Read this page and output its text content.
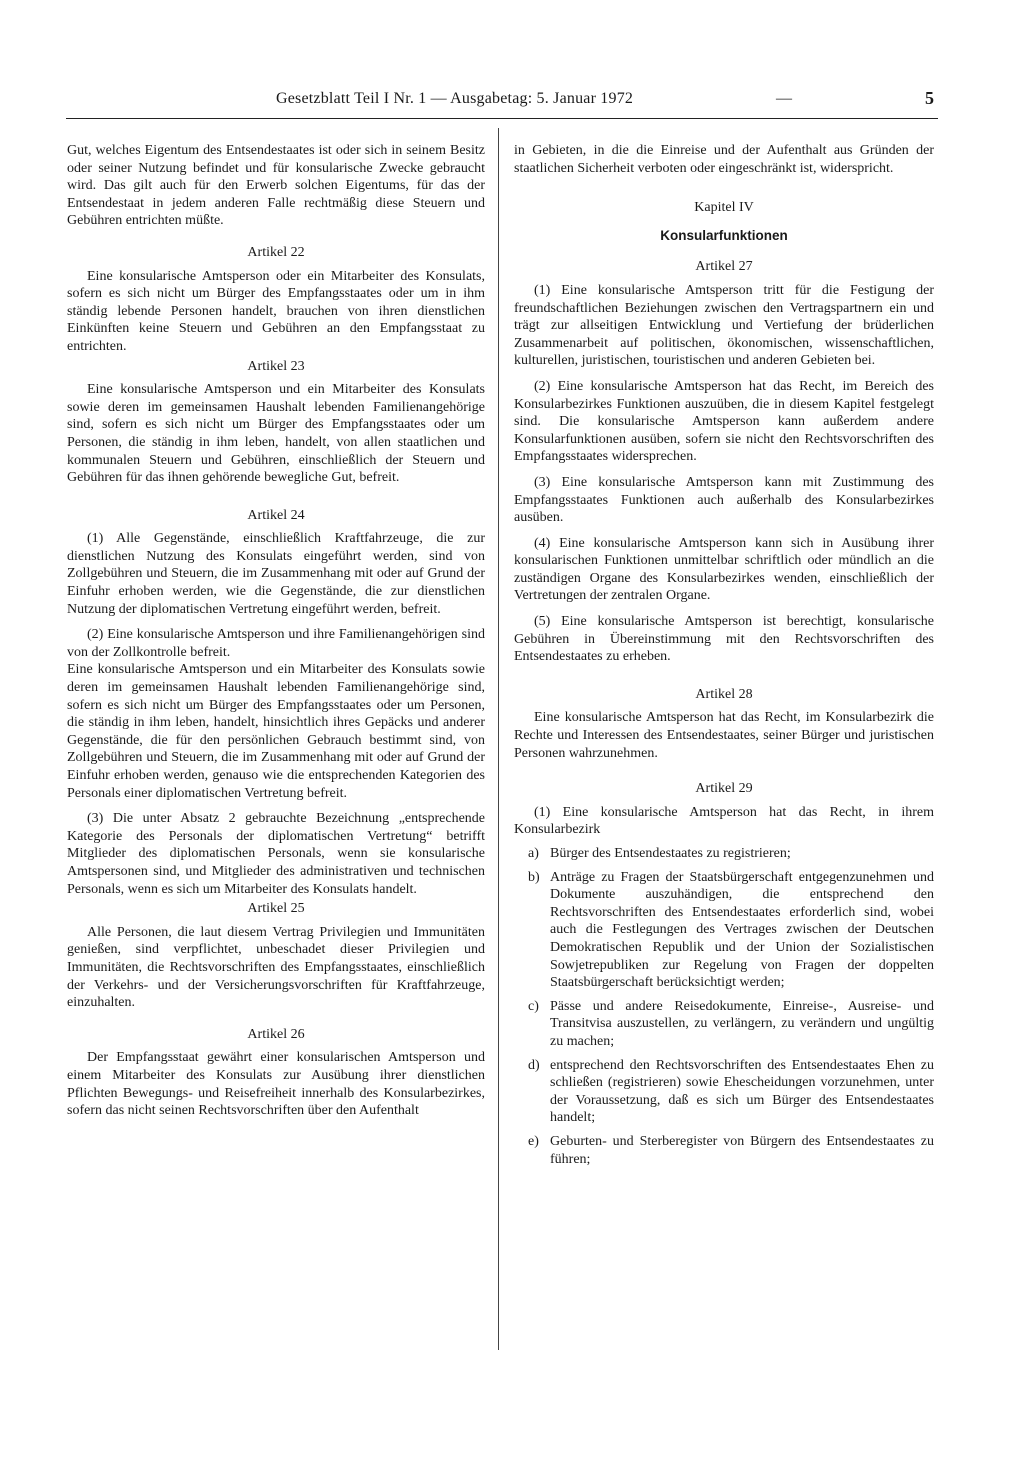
Gesetzblatt Teil I Nr. 1 — Ausgabetag: 5. Januar 1972	—	5

Gut, welches Eigentum des Entsendestaates ist oder sich in seinem Besitz oder seiner Nutzung befindet und für konsularische Zwecke gebraucht wird. Das gilt auch für den Erwerb solchen Eigentums, für das der Entsendestaat in jedem anderen Falle rechtmäßig diese Steuern und Gebühren entrichten müßte.

Artikel 22

Eine konsularische Amtsperson oder ein Mitarbeiter des Konsulats, sofern es sich nicht um Bürger des Empfangsstaates oder um in ihm ständig lebende Personen handelt, brauchen von ihren dienstlichen Einkünften keine Steuern und Gebühren an den Empfangsstaat zu entrichten.

Artikel 23

Eine konsularische Amtsperson und ein Mitarbeiter des Konsulats sowie deren im gemeinsamen Haushalt lebenden Familienangehörige sind, sofern es sich nicht um Bürger des Empfangsstaates oder um Personen, die ständig in ihm leben, handelt, von allen staatlichen und kommunalen Steuern und Gebühren, einschließlich der Steuern und Gebühren für das ihnen gehörende bewegliche Gut, befreit.

Artikel 24

(1) Alle Gegenstände, einschließlich Kraftfahrzeuge, die zur dienstlichen Nutzung des Konsulats eingeführt werden, sind von Zollgebühren und Steuern, die im Zusammenhang mit oder auf Grund der Einfuhr erhoben werden, wie die Gegenstände, die zur dienstlichen Nutzung der diplomatischen Vertretung eingeführt werden, befreit.

(2) Eine konsularische Amtsperson und ihre Familienangehörigen sind von der Zollkontrolle befreit.

Eine konsularische Amtsperson und ein Mitarbeiter des Konsulats sowie deren im gemeinsamen Haushalt lebenden Familienangehörige sind, sofern es sich nicht um Bürger des Empfangsstaates oder um Personen, die ständig in ihm leben, handelt, hinsichtlich ihres Gepäcks und anderer Gegenstände, die für den persönlichen Gebrauch bestimmt sind, von Zollgebühren und Steuern, die im Zusammenhang mit oder auf Grund der Einfuhr erhoben werden, genauso wie die entsprechenden Kategorien des Personals einer diplomatischen Vertretung befreit.

(3) Die unter Absatz 2 gebrauchte Bezeichnung „entsprechende Kategorie des Personals der diplomatischen Vertretung“ betrifft Mitglieder des diplomatischen Personals, wenn sie konsularische Amtspersonen sind, und Mitglieder des administrativen und technischen Personals, wenn es sich um Mitarbeiter des Konsulats handelt.

Artikel 25

Alle Personen, die laut diesem Vertrag Privilegien und Immunitäten genießen, sind verpflichtet, unbeschadet dieser Privilegien und Immunitäten, die Rechtsvorschriften des Empfangsstaates, einschließlich der Verkehrs- und der Versicherungsvorschriften für Kraftfahrzeuge, einzuhalten.

Artikel 26

Der Empfangsstaat gewährt einer konsularischen Amtsperson und einem Mitarbeiter des Konsulats zur Ausübung ihrer dienstlichen Pflichten Bewegungs- und Reisefreiheit innerhalb des Konsularbezirkes, sofern das nicht seinen Rechtsvorschriften über den Aufenthalt

in Gebieten, in die die Einreise und der Aufenthalt aus Gründen der staatlichen Sicherheit verboten oder eingeschränkt ist, widerspricht.

Kapitel IV
Konsularfunktionen
Artikel 27

(1) Eine konsularische Amtsperson tritt für die Festigung der freundschaftlichen Beziehungen zwischen den Vertragspartnern ein und trägt zur allseitigen Entwicklung und Vertiefung der brüderlichen Zusammenarbeit auf politischen, ökonomischen, wissenschaftlichen, kulturellen, juristischen, touristischen und anderen Gebieten bei.

(2) Eine konsularische Amtsperson hat das Recht, im Bereich des Konsularbezirkes Funktionen auszuüben, die in diesem Kapitel festgelegt sind. Die konsularische Amtsperson kann außerdem andere Konsularfunktionen ausüben, sofern sie nicht den Rechtsvorschriften des Empfangsstaates widersprechen.

(3) Eine konsularische Amtsperson kann mit Zustimmung des Empfangsstaates Funktionen auch außerhalb des Konsularbezirkes ausüben.

(4) Eine konsularische Amtsperson kann sich in Ausübung ihrer konsularischen Funktionen unmittelbar schriftlich oder mündlich an die zuständigen Organe des Konsularbezirkes wenden, einschließlich der Vertretungen der zentralen Organe.

(5) Eine konsularische Amtsperson ist berechtigt, konsularische Gebühren in Übereinstimmung mit den Rechtsvorschriften des Entsendestaates zu erheben.

Artikel 28

Eine konsularische Amtsperson hat das Recht, im Konsularbezirk die Rechte und Interessen des Entsendestaates, seiner Bürger und juristischen Personen wahrzunehmen.

Artikel 29

(1) Eine konsularische Amtsperson hat das Recht, in ihrem Konsularbezirk

a) Bürger des Entsendestaates zu registrieren;
b) Anträge zu Fragen der Staatsbürgerschaft entgegenzunehmen und Dokumente auszuhändigen, die entsprechend den Rechtsvorschriften des Entsendestaates erforderlich sind, wobei auch die Festlegungen des Vertrages zwischen der Deutschen Demokratischen Republik und der Union der Sozialistischen Sowjetrepubliken zur Regelung von Fragen der doppelten Staatsbürgerschaft berücksichtigt werden;
c) Pässe und andere Reisedokumente, Einreise-, Ausreise- und Transitvisa auszustellen, zu verlängern, zu verändern und ungültig zu machen;
d) entsprechend den Rechtsvorschriften des Entsendestaates Ehen zu schließen (registrieren) sowie Ehescheidungen vorzunehmen, unter der Voraussetzung, daß es sich um Bürger des Entsendestaates handelt;
e) Geburten- und Sterberegister von Bürgern des Entsendestaates zu führen;
